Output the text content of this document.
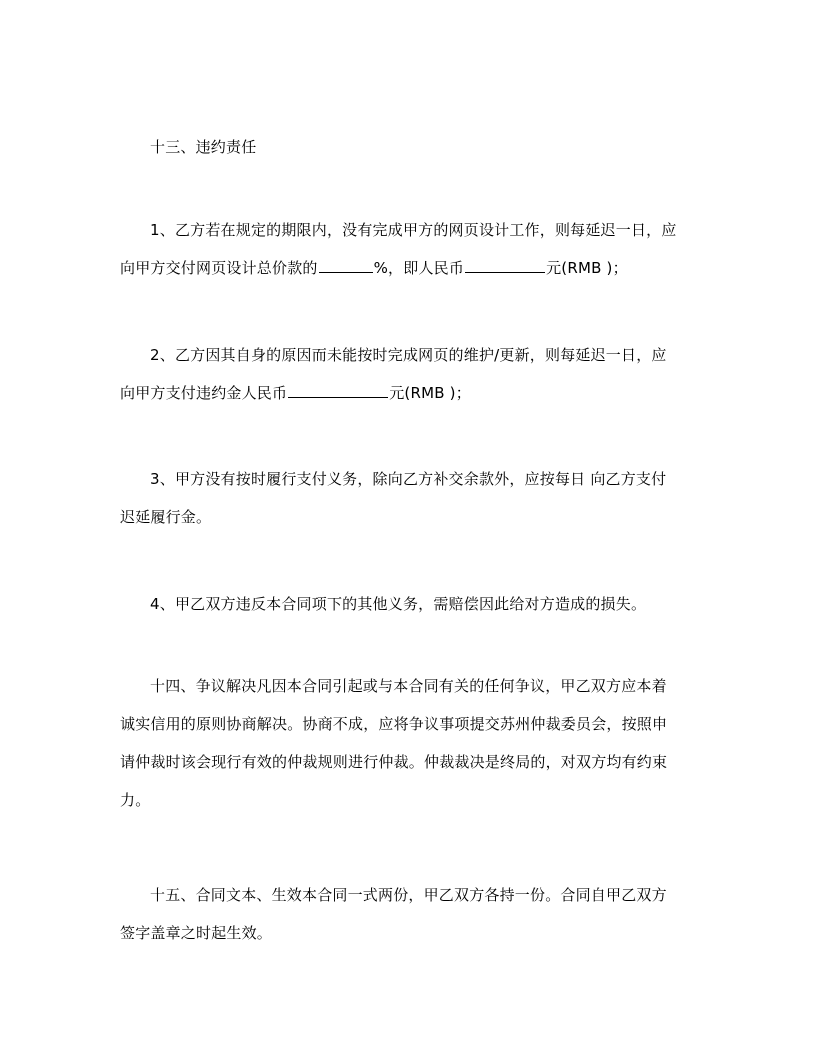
十三、违约责任
1、乙方若在规定的期限内，没有完成甲方的网页设计工作，则每延迟一日，应
向甲方交付网页设计总价款的	%，即人民币	元(RMB )；
2、乙方因其自身的原因而未能按时完成网页的维护/更新，则每延迟一日，应
向甲方支付违约金人民币	元(RMB )；
3、甲方没有按时履行支付义务，除向乙方补交余款外，应按每日 向乙方支付
迟延履行金。
4、甲乙双方违反本合同项下的其他义务，需赔偿因此给对方造成的损失。
十四、争议解决凡因本合同引起或与本合同有关的任何争议，甲乙双方应本着
诚实信用的原则协商解决。协商不成，应将争议事项提交苏州仲裁委员会，按照申
请仲裁时该会现行有效的仲裁规则进行仲裁。仲裁裁决是终局的，对双方均有约束
力。
十五、合同文本、生效本合同一式两份，甲乙双方各持一份。合同自甲乙双方
签字盖章之时起生效。
